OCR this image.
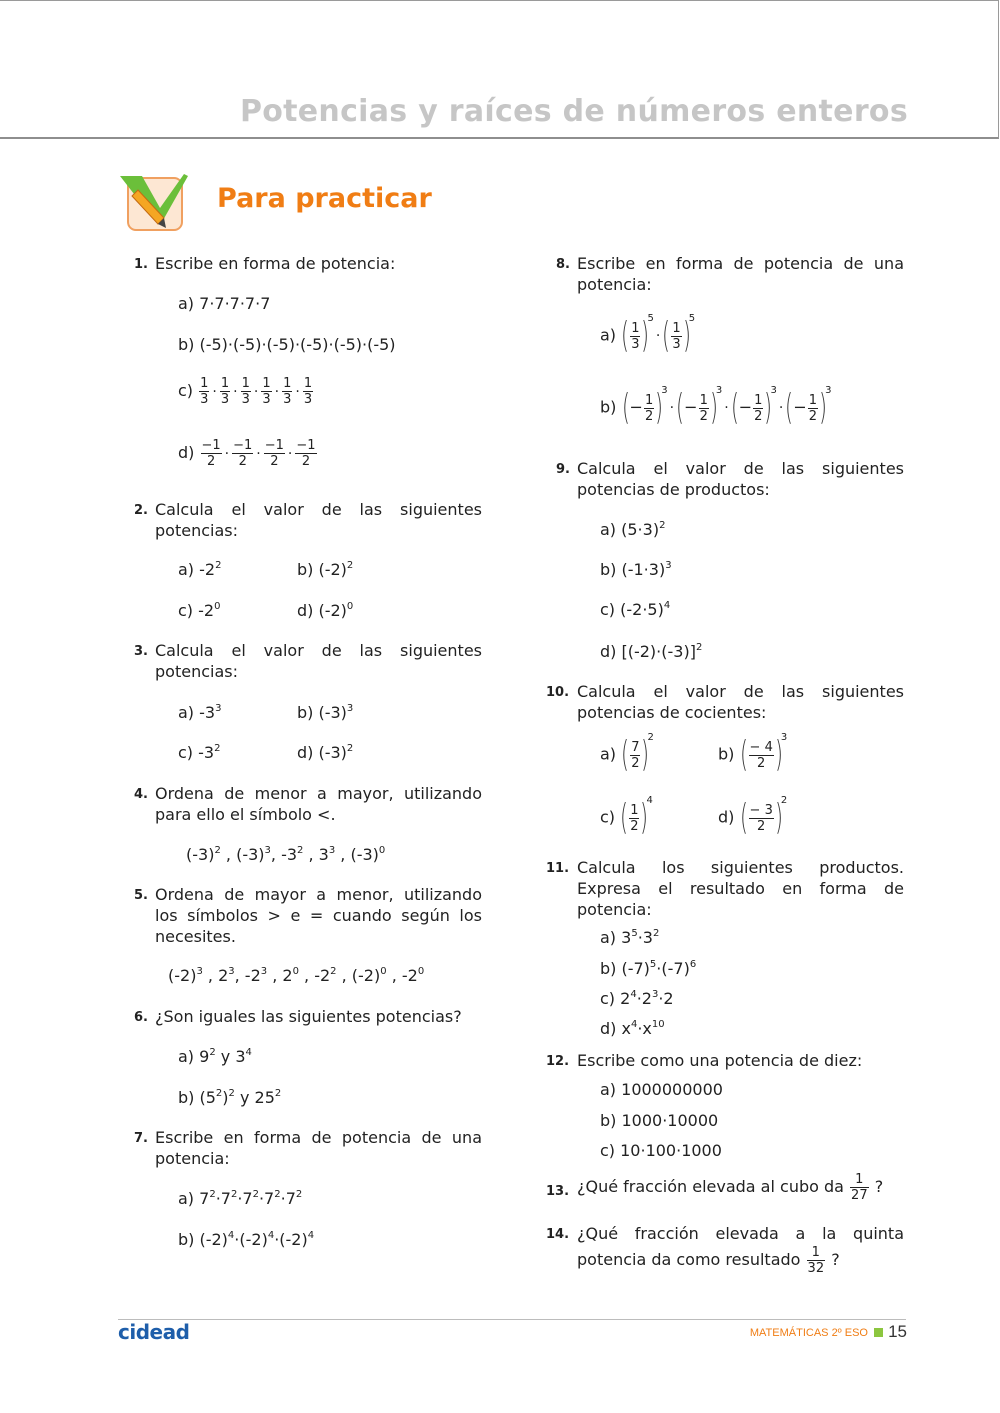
Potencias y raíces de números enteros
Para practicar
1. Escribe en forma de potencia:
a) 7·7·7·7·7
b) (-5)·(-5)·(-5)·(-5)·(-5)·(-5)
$c) \frac{1}{3} \cdot \frac{1}{3} \cdot \frac{1}{3} \cdot \frac{1}{3} \cdot \frac{1}{3} \cdot \frac{1}{3}$
$d) \frac{-1}{2} \cdot \frac{-1}{2} \cdot \frac{-1}{2} \cdot \frac{-1}{2}$
2. Calcula el valor de las siguientes potencias:
a) $-2^2$	b) $(-2)^2$
c) $-2^0$	d) $(-2)^0$
3. Calcula el valor de las siguientes potencias:
a) $-3^3$	b) $(-3)^3$
c) $-3^2$	d) $(-3)^2$
4. Ordena de menor a mayor, utilizando para ello el símbolo <.
$(-3)^2$ , $(-3)^3$, $-3^2$ , $3^3$ , $(-3)^0$
5. Ordena de mayor a menor, utilizando los símbolos > e = cuando según los necesites.
$(-2)^3$ , $2^3$, $-2^3$ , $2^0$ , $-2^2$ , $(-2)^0$ , $-2^0$
6. ¿Son iguales las siguientes potencias?
a) $9^2$ y $3^4$
b) $(5^2)^2$ y $25^2$
7. Escribe en forma de potencia de una potencia:
a) $7^2\cdot 7^2\cdot 7^2\cdot 7^2\cdot 7^2$
b) $(-2)^4\cdot(-2)^4\cdot(-2)^4$
8. Escribe en forma de potencia de una potencia:
a) ( $\frac{1}{3} )^5\cdot( \frac{1}{3} )^5$
b) (− $\frac{1}{2} )^3\cdot(- \frac{1}{2} )^3\cdot(- \frac{1}{2} )^3\cdot(- \frac{1}{2} )^3$
9. Calcula el valor de las siguientes potencias de productos:
a) $(5\cdot 3)^2$
b) $(-1\cdot 3)^3$
c) $(-2\cdot 5)^4$
d) $[(-2)\cdot(-3)]^2$
10. Calcula el valor de las siguientes potencias de cocientes:
a) ( $\frac{7}{2} )^2$
b) ( $\frac{- 4}{2} )^3$
c) ( $\frac{1}{2} )^4$
d) ( $\frac{- 3}{2} )^2$
11. Calcula los siguientes productos. Expresa el resultado en forma de potencia:
a) $3^5\cdot 3^2$
b) $(-7)^5\cdot(-7)^6$
c) $2^4\cdot 2^3\cdot 2$
d) $x^4\cdot x^{10}$
12. Escribe como una potencia de diez:
a) 1000000000
b) 1000·10000
c) 10·100·1000
13. ¿Qué fracción elevada al cubo da $\frac{1}{27}$ ?
14. ¿Qué fracción elevada a la quinta
potencia da como resultado $\frac{1}{32}$ ?
cidead	MATEMÁTICAS 2º ESO 15
